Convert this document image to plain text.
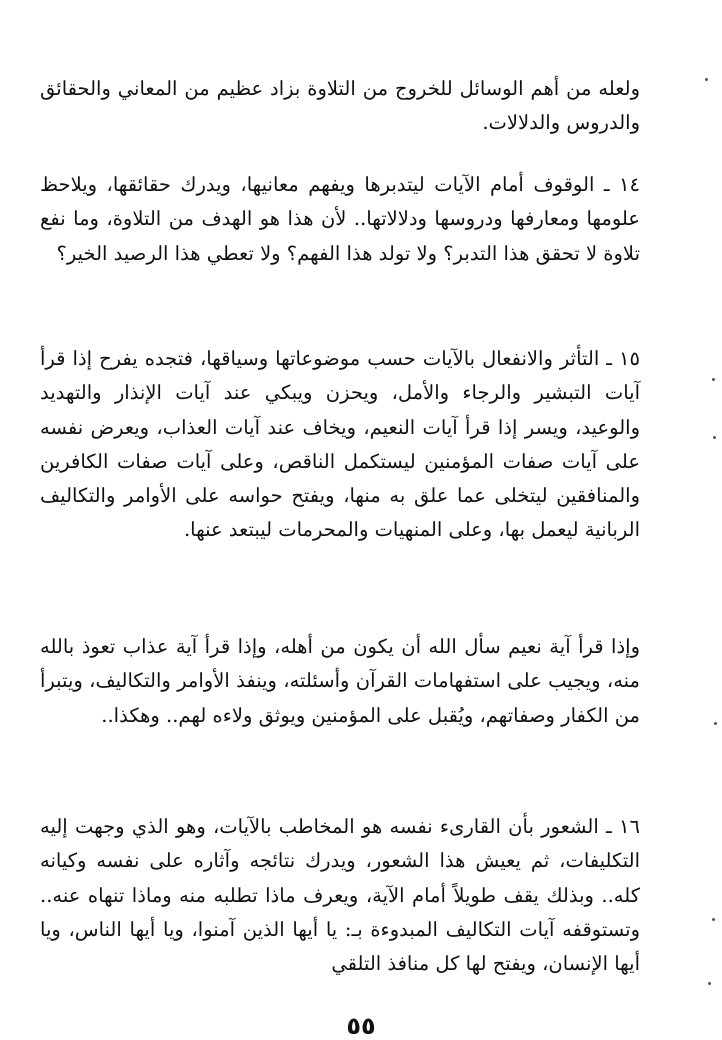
ولعله من أهم الوسائل للخروج من التلاوة بزاد عظيم من المعاني والحقائق والدروس والدلالات.

١٤ ـ الوقوف أمام الآيات ليتدبرها ويفهم معانيها، ويدرك حقائقها، ويلاحظ علومها ومعارفها ودروسها ودلالاتها.. لأن هذا هو الهدف من التلاوة، وما نفع تلاوة لا تحقق هذا التدبر؟ ولا تولد هذا الفهم؟ ولا تعطي هذا الرصيد الخير؟

١٥ ـ التأثر والانفعال بالآيات حسب موضوعاتها وسياقها، فتجده يفرح إذا قرأ آيات التبشير والرجاء والأمل، ويحزن ويبكي عند آيات الإنذار والتهديد والوعيد، ويسر إذا قرأ آيات النعيم، ويخاف عند آيات العذاب، ويعرض نفسه على آيات صفات المؤمنين ليستكمل الناقص، وعلى آيات صفات الكافرين والمنافقين ليتخلى عما علق به منها، ويفتح حواسه على الأوامر والتكاليف الربانية ليعمل بها، وعلى المنهيات والمحرمات ليبتعد عنها.

وإذا قرأ آية نعيم سأل الله أن يكون من أهله، وإذا قرأ آية عذاب تعوذ بالله منه، ويجيب على استفهامات القرآن وأسئلته، وينفذ الأوامر والتكاليف، ويتبرأ من الكفار وصفاتهم، ويُقبل على المؤمنين ويوثق ولاءه لهم.. وهكذا..

١٦ ـ الشعور بأن القارىء نفسه هو المخاطب بالآيات، وهو الذي وجهت إليه التكليفات، ثم يعيش هذا الشعور، ويدرك نتائجه وآثاره على نفسه وكيانه كله.. وبذلك يقف طويلاً أمام الآية، ويعرف ماذا تطلبه منه وماذا تنهاه عنه.. وتستوقفه آيات التكاليف المبدوءة بـ: يا أيها الذين آمنوا، ويا أيها الناس، ويا أيها الإنسان، ويفتح لها كل منافذ التلقي

٥٥
